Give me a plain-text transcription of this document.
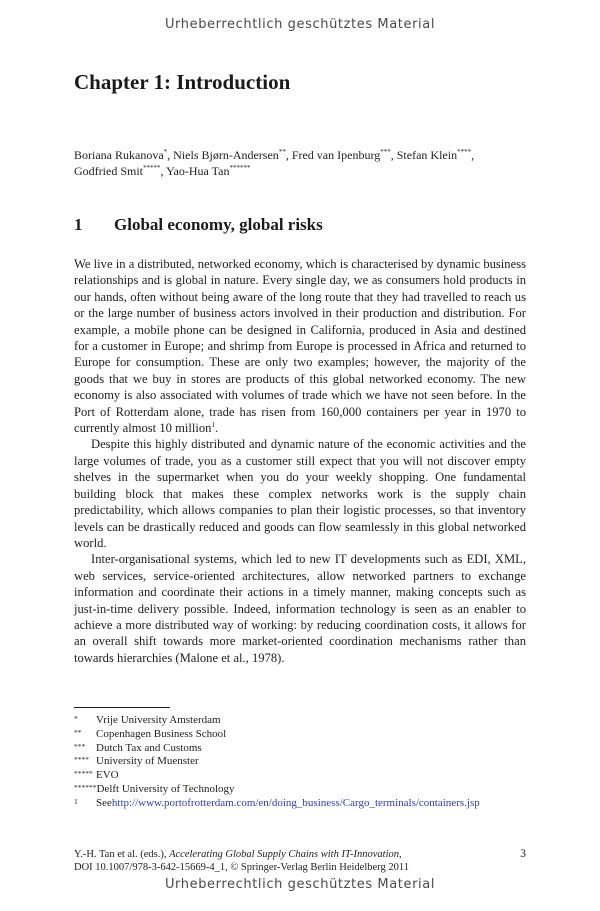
Urheberrechtlich geschütztes Material
Chapter 1: Introduction
Boriana Rukanova*, Niels Bjørn-Andersen**, Fred van Ipenburg***, Stefan Klein****,
Godfried Smit*****, Yao-Hua Tan******
1 Global economy, global risks

We live in a distributed, networked economy, which is characterised by dynamic business relationships and is global in nature. Every single day, we as consumers hold products in our hands, often without being aware of the long route that they had travelled to reach us or the large number of business actors involved in their production and distribution. For example, a mobile phone can be designed in California, produced in Asia and destined for a customer in Europe; and shrimp from Europe is processed in Africa and returned to Europe for consumption. These are only two examples; however, the majority of the goods that we buy in stores are products of this global networked economy. The new economy is also associated with volumes of trade which we have not seen before. In the Port of Rotterdam alone, trade has risen from 160,000 containers per year in 1970 to currently almost 10 million$^1$.

Despite this highly distributed and dynamic nature of the economic activities and the large volumes of trade, you as a customer still expect that you will not discover empty shelves in the supermarket when you do your weekly shopping. One fundamental building block that makes these complex networks work is the supply chain predictability, which allows companies to plan their logistic processes, so that inventory levels can be drastically reduced and goods can flow seamlessly in this global networked world.

Inter-organisational systems, which led to new IT developments such as EDI, XML, web services, service-oriented architectures, allow networked partners to exchange information and coordinate their actions in a timely manner, making concepts such as just-in-time delivery possible. Indeed, information technology is seen as an enabler to achieve a more distributed way of working: by reducing coordination costs, it allows for an overall shift towards more market-oriented coordination mechanisms rather than towards hierarchies (Malone et al., 1978).

*	Vrije University Amsterdam
**	Copenhagen Business School
*** Dutch Tax and Customs
**** University of Muenster
***** EVO
****** Delft University of Technology
1	See http://www.portofrotterdam.com/en/doing_business/Cargo_terminals/containers.jsp
Y.-H. Tan et al. (eds.), Accelerating Global Supply Chains with IT-Innovation,
DOI 10.1007/978-3-642-15669-4_1, © Springer-Verlag Berlin Heidelberg 2011
3
Urheberrechtlich geschütztes Material
